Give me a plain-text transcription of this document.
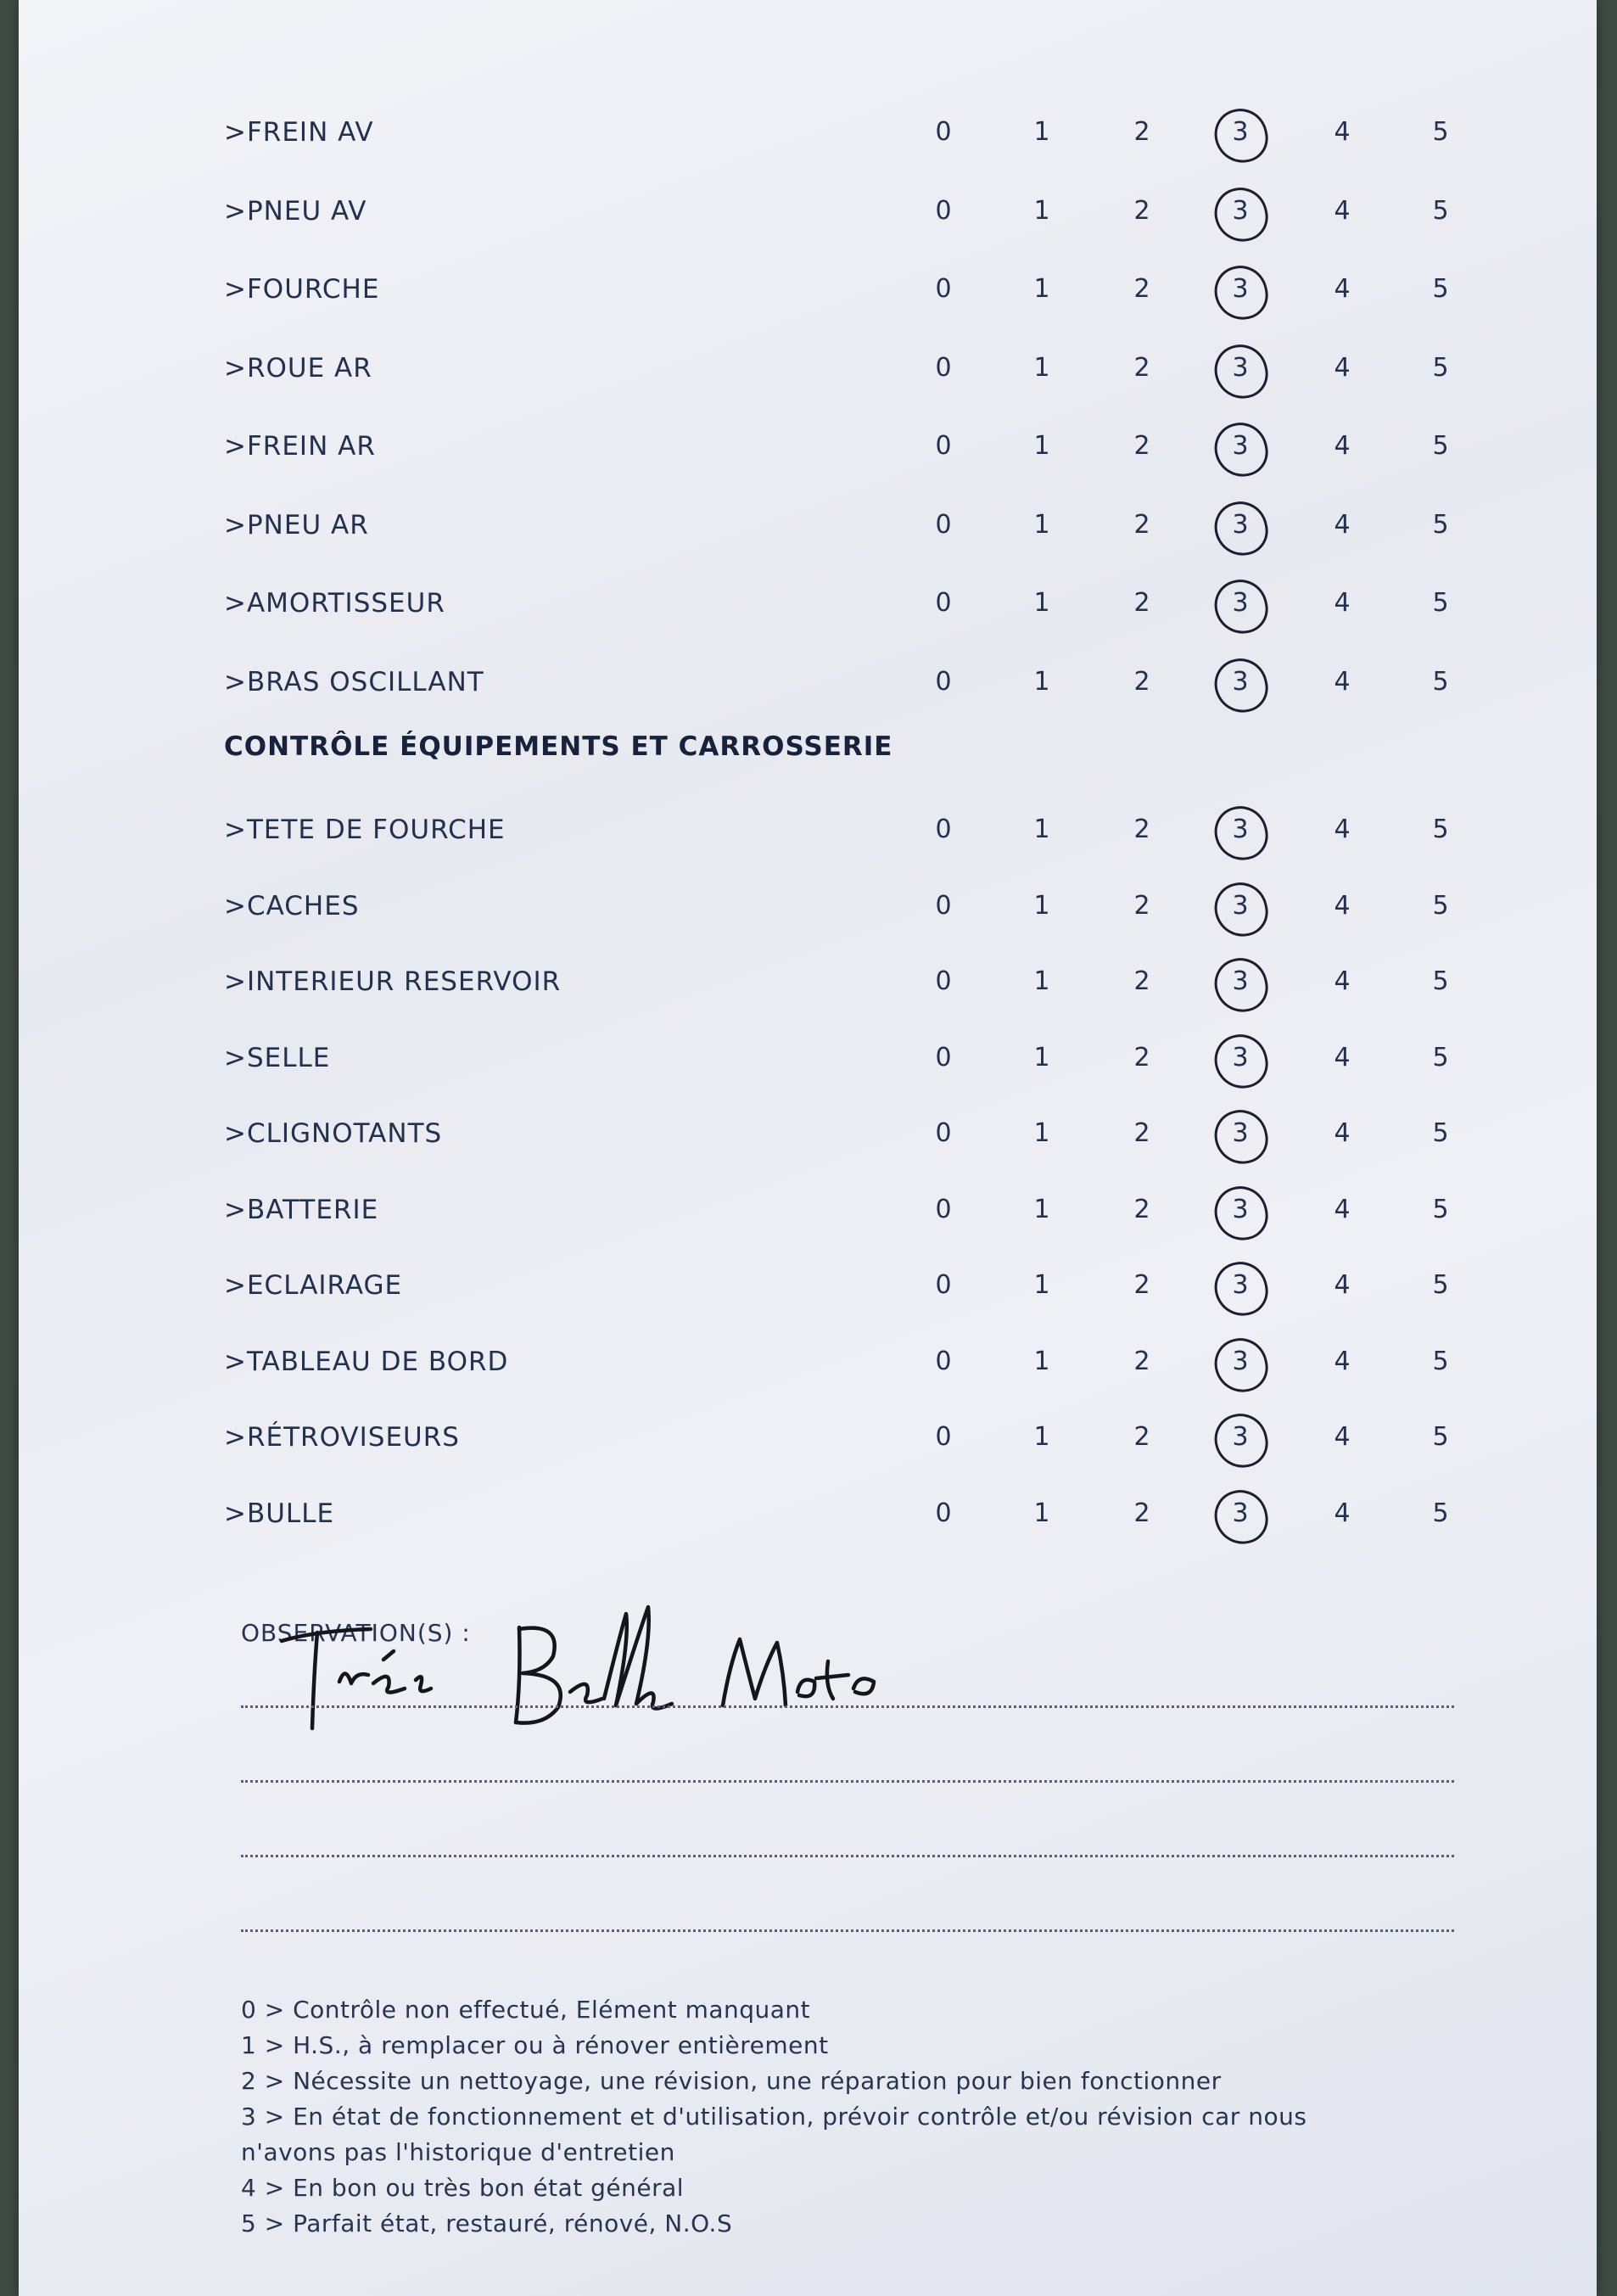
>FREIN AV	0	1	2	3	4	5
>PNEU AV	0	1	2	3	4	5
>FOURCHE	0	1	2	3	4	5
>ROUE AR	0	1	2	3	4	5
>FREIN AR	0	1	2	3	4	5
>PNEU AR	0	1	2	3	4	5
>AMORTISSEUR	0	1	2	3	4	5
>BRAS OSCILLANT	0	1	2	3	4	5
CONTRÔLE ÉQUIPEMENTS ET CARROSSERIE
>TETE DE FOURCHE	0	1	2	3	4	5
>CACHES	0	1	2	3	4	5
>INTERIEUR RESERVOIR	0	1	2	3	4	5
>SELLE	0	1	2	3	4	5
>CLIGNOTANTS	0	1	2	3	4	5
>BATTERIE	0	1	2	3	4	5
>ECLAIRAGE	0	1	2	3	4	5
>TABLEAU DE BORD	0	1	2	3	4	5
>RÉTROVISEURS	0	1	2	3	4	5
>BULLE	0	1	2	3	4	5
OBSERVATION(S) :
0 > Contrôle non effectué, Elément manquant
1 > H.S., à remplacer ou à rénover entièrement
2 > Nécessite un nettoyage, une révision, une réparation pour bien fonctionner
3 > En état de fonctionnement et d'utilisation, prévoir contrôle et/ou révision car nous
n'avons pas l'historique d'entretien
4 > En bon ou très bon état général
5 > Parfait état, restauré, rénové, N.O.S
